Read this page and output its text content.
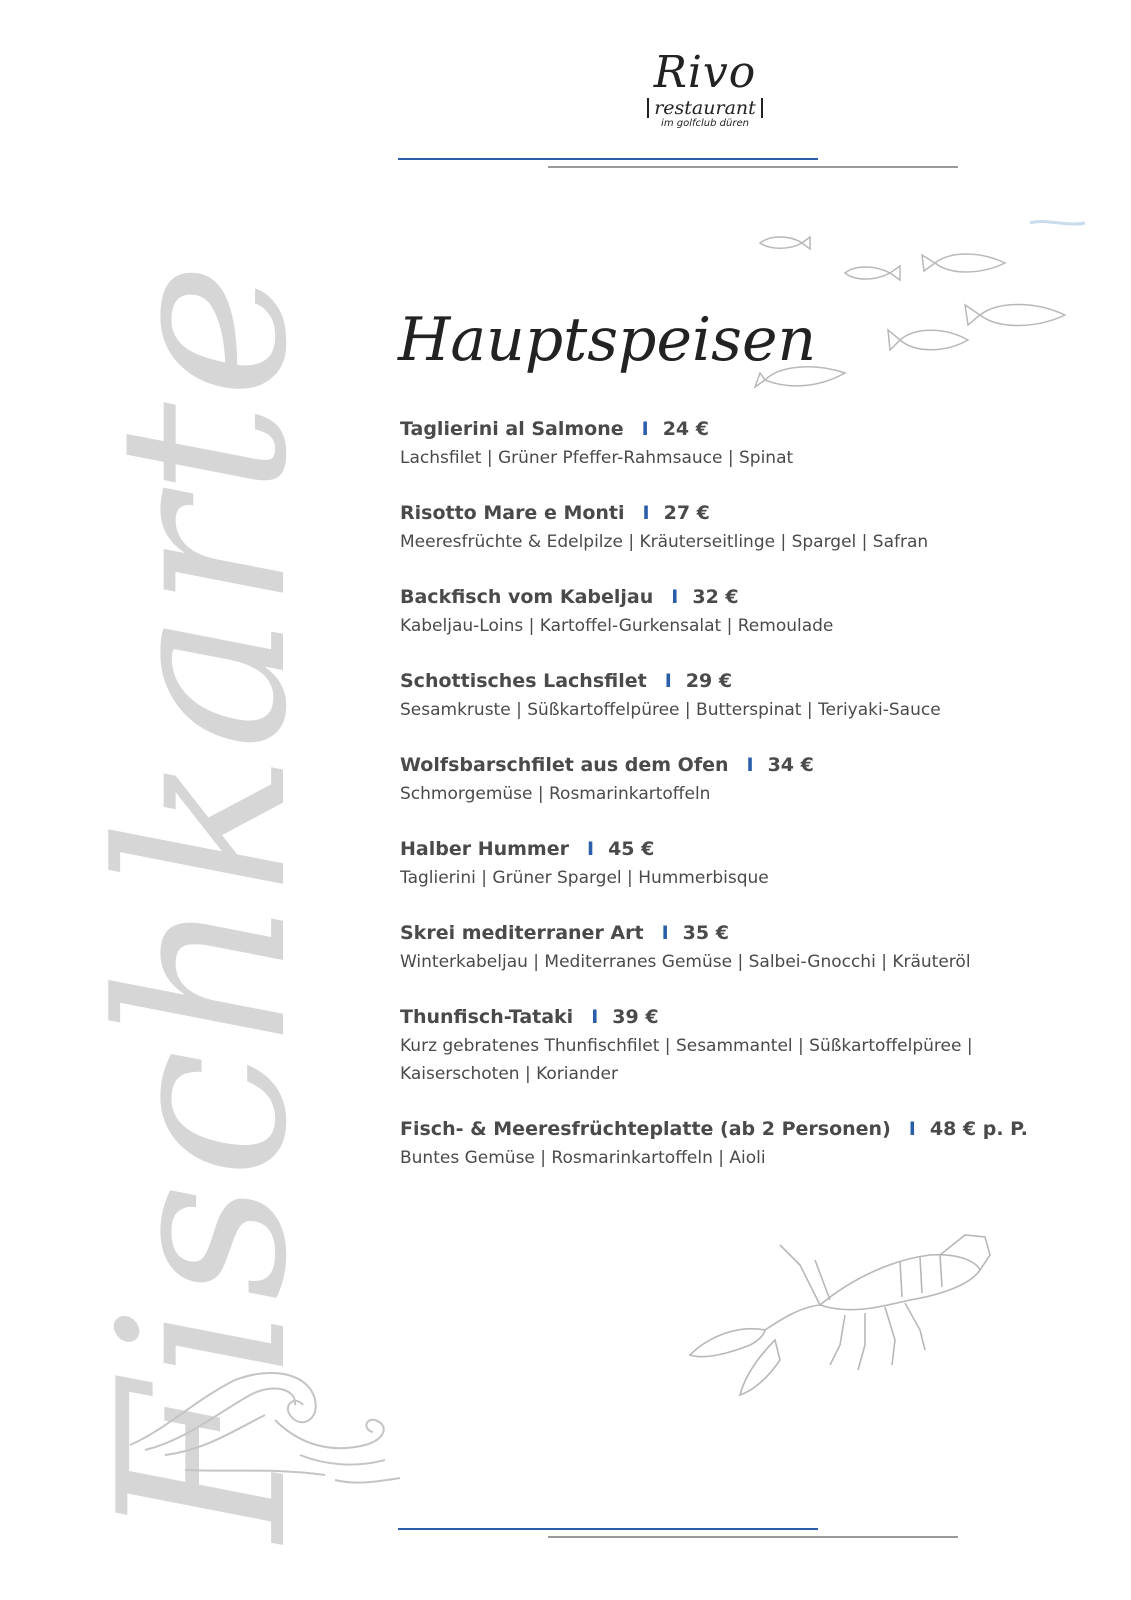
Fischkarte
Rivo
restaurant
im golfclub düren
Hauptspeisen
Taglierini al Salmone I 24 €
Lachsfilet | Grüner Pfeffer-Rahmsauce | Spinat
Risotto Mare e Monti I 27 €
Meeresfrüchte & Edelpilze | Kräuterseitlinge | Spargel | Safran
Backfisch vom Kabeljau I 32 €
Kabeljau-Loins | Kartoffel-Gurkensalat | Remoulade
Schottisches Lachsfilet I 29 €
Sesamkruste | Süßkartoffelpüree | Butterspinat | Teriyaki-Sauce
Wolfsbarschfilet aus dem Ofen I 34 €
Schmorgemüse | Rosmarinkartoffeln
Halber Hummer I 45 €
Taglierini | Grüner Spargel | Hummerbisque
Skrei mediterraner Art I 35 €
Winterkabeljau | Mediterranes Gemüse | Salbei-Gnocchi | Kräuteröl
Thunfisch-Tataki I 39 €
Kurz gebratenes Thunfischfilet | Sesammantel | Süßkartoffelpüree | Kaiserschoten | Koriander
Fisch- & Meeresfrüchteplatte (ab 2 Personen) I 48 € p. P.
Buntes Gemüse | Rosmarinkartoffeln | Aioli
